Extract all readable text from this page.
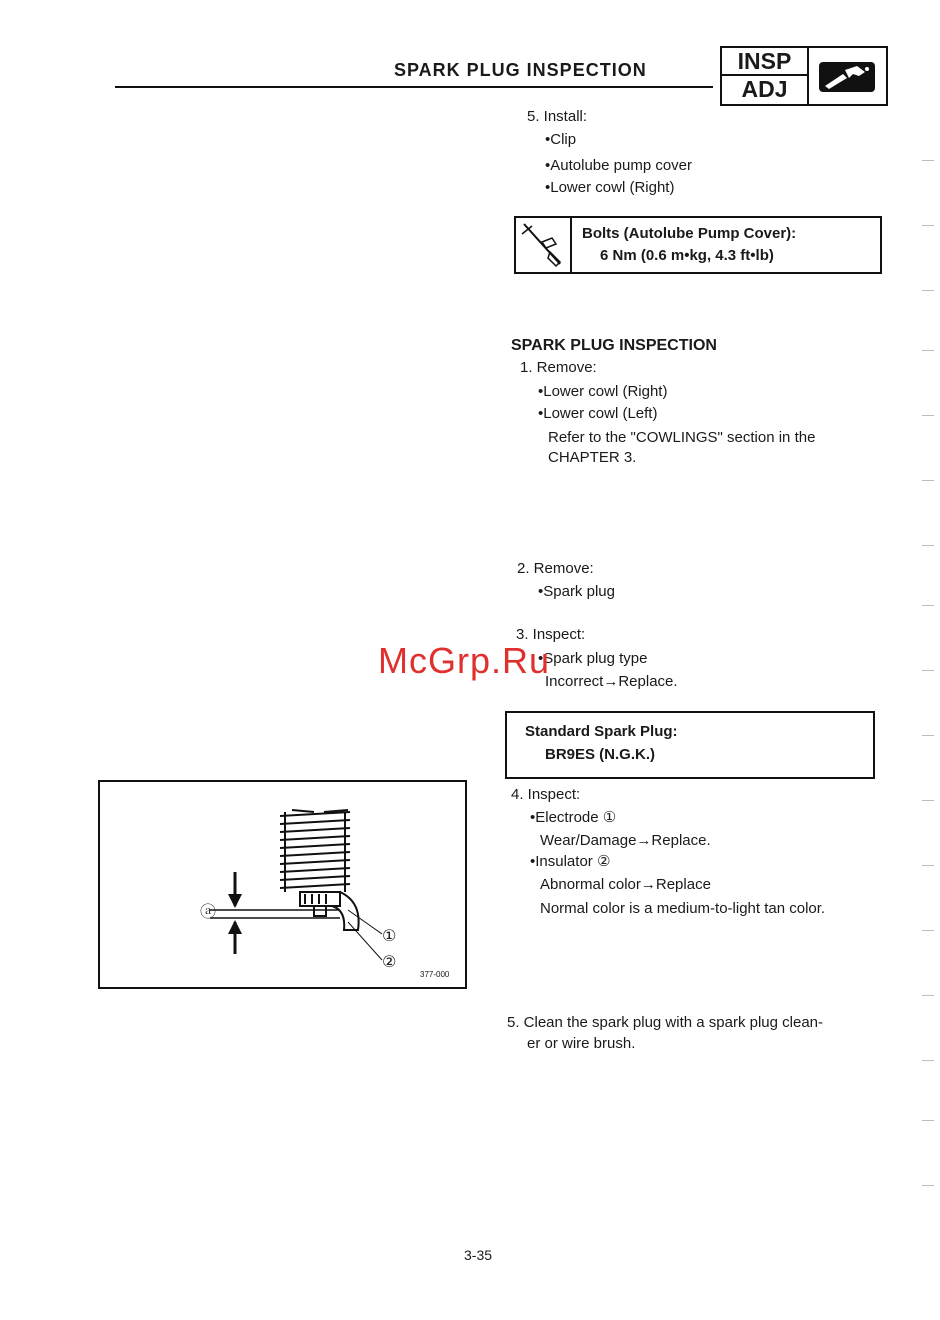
SPARK PLUG INSPECTION	INSP
ADJ
5. Install:
•Clip
•Autolube pump cover
•Lower cowl (Right)
Bolts (Autolube Pump Cover):
6 Nm (0.6 m•kg, 4.3 ft•lb)
SPARK PLUG INSPECTION
1. Remove:
•Lower cowl (Right)
•Lower cowl (Left)
Refer to the "COWLINGS" section in the
CHAPTER 3.
2. Remove:
•Spark plug
3. Inspect:
•Spark plug type
Incorrect→Replace.
McGrp.Ru
Standard Spark Plug:
BR9ES (N.G.K.)
4. Inspect:
•Electrode ①
Wear/Damage→Replace.
•Insulator ②
Abnormal color→Replace
Normal color is a medium-to-light tan color.
5. Clean the spark plug with a spark plug clean-
er or wire brush.
ⓐ
①
②
377-000
3-35
